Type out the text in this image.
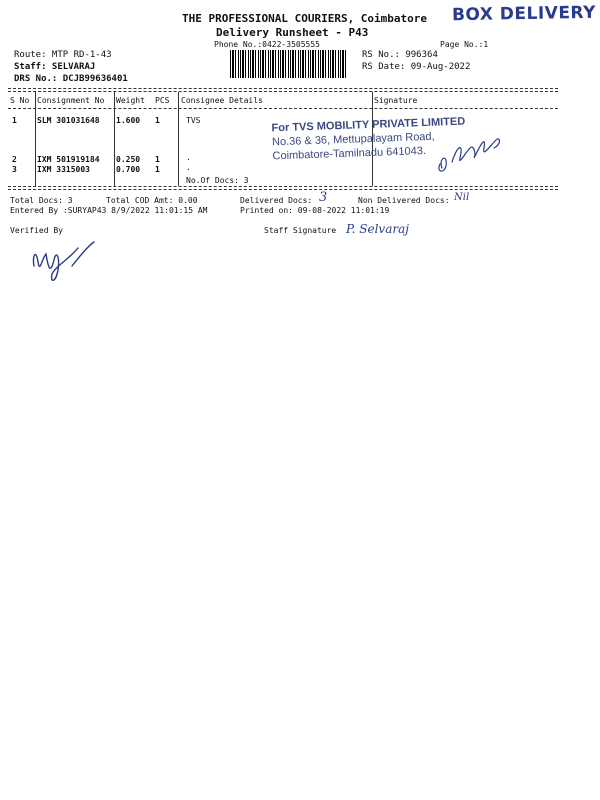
THE PROFESSIONAL COURIERS, Coimbatore
Delivery Runsheet - P43
Phone No.:0422-3505555	Page No.:1
BOX DELIVERY
Route: MTP RD-1-43
Staff: SELVARAJ
DRS No.: DCJB99636401
RS No.: 996364
RS Date: 09-Aug-2022
S No Consignment No Weight PCS Consignee Details	Signature
1	SLM 301031648 1.600 1	TVS
2	IXM 501919184 0.250 1	.
3	IXM 3315003	0.700 1	.
No.Of Docs: 3
For TVS MOBILITY PRIVATE LIMITED
No.36 & 36, Mettupalayam Road,
Coimbatore-Tamilnadu 641043.
Total Docs: 3	Total COD Amt: 0.00	Delivered Docs: 3	Non Delivered Docs: Nil
Entered By :SURYAP43 8/9/2022 11:01:15 AM	Printed on: 09-08-2022 11:01:19
Verified By	Staff Signature P. Selvaraj
